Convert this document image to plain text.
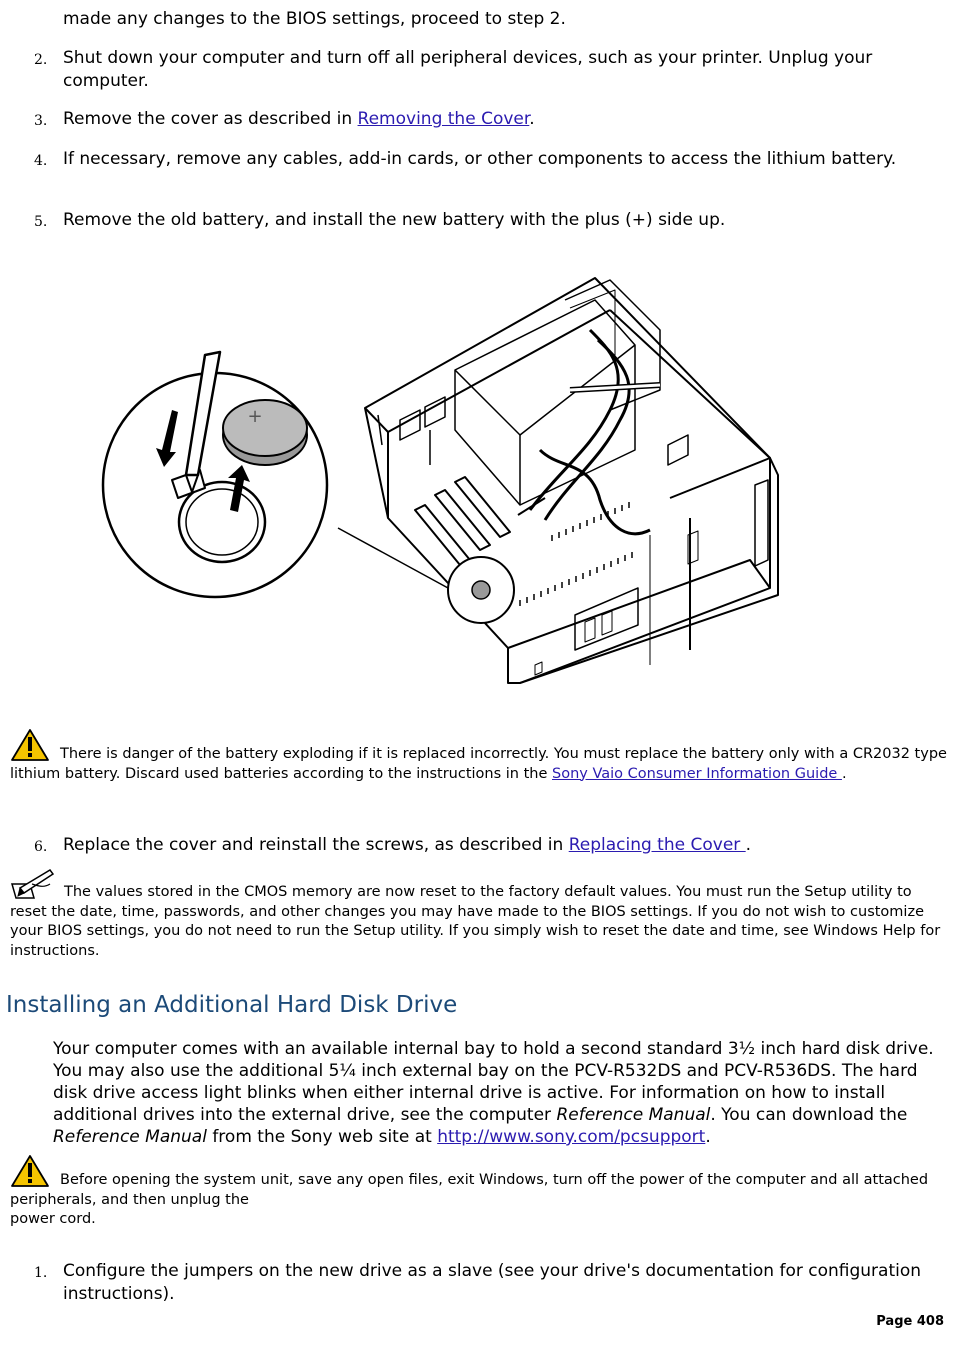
made any changes to the BIOS settings, proceed to step 2.
2. Shut down your computer and turn off all peripheral devices, such as your printer. Unplug your computer.
3. Remove the cover as described in Removing the Cover.
4. If necessary, remove any cables, add-in cards, or other components to access the lithium battery.
5. Remove the old battery, and install the new battery with the plus (+) side up.
+
There is danger of the battery exploding if it is replaced incorrectly. You must replace the battery only with a CR2032 type lithium battery. Discard used batteries according to the instructions in the Sony Vaio Consumer Information Guide .
6. Replace the cover and reinstall the screws, as described in Replacing the Cover .
The values stored in the CMOS memory are now reset to the factory default values. You must run the Setup utility to reset the date, time, passwords, and other changes you may have made to the BIOS settings. If you do not wish to customize your BIOS settings, you do not need to run the Setup utility. If you simply wish to reset the date and time, see Windows Help for instructions.
Installing an Additional Hard Disk Drive
Your computer comes with an available internal bay to hold a second standard 3½ inch hard disk drive. You may also use the additional 5¼ inch external bay on the PCV-R532DS and PCV-R536DS. The hard disk drive access light blinks when either internal drive is active. For information on how to install additional drives into the external drive, see the computer Reference Manual. You can download the Reference Manual from the Sony web site at http://www.sony.com/pcsupport.
Before opening the system unit, save any open files, exit Windows, turn off the power of the computer and all attached peripherals, and then unplug the
power cord.
1. Configure the jumpers on the new drive as a slave (see your drive's documentation for configuration instructions).
Page 408
